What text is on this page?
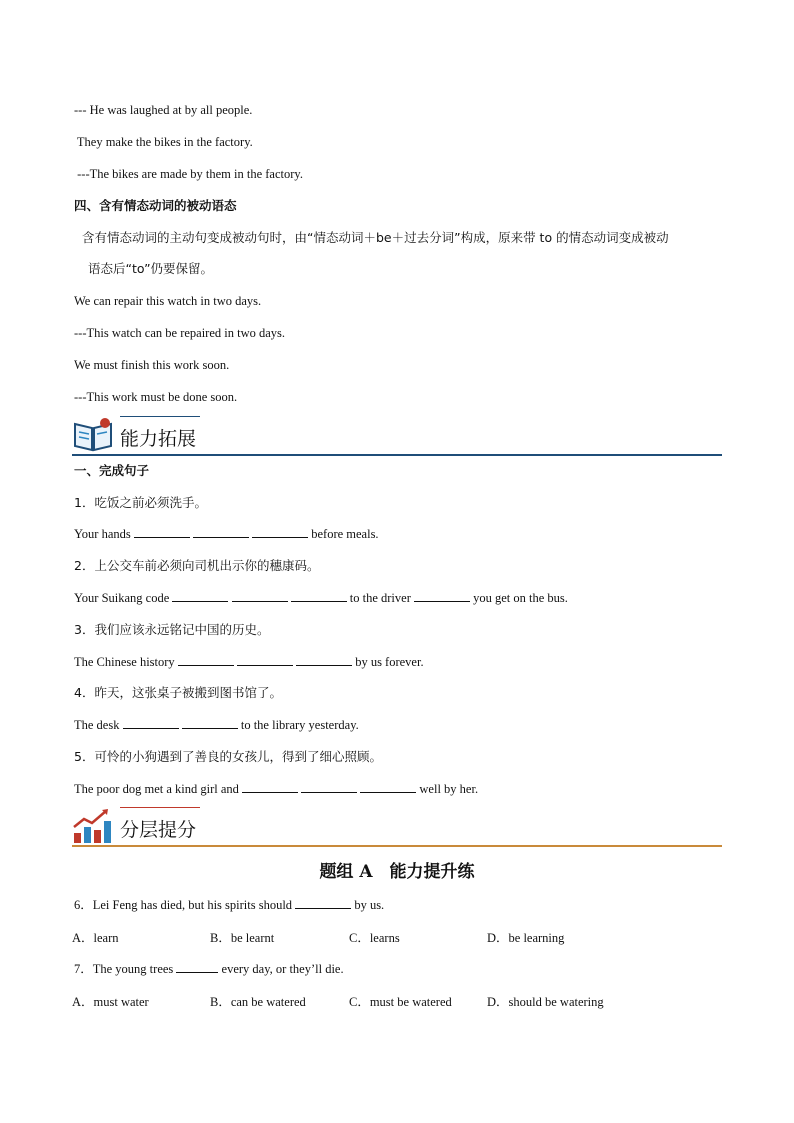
--- He was laughed at by all people.
They make the bikes in the factory.
---The bikes are made by them in the factory.
四、含有情态动词的被动语态
含有情态动词的主动句变成被动句时，由“情态动词＋be＋过去分词”构成，原来带 to 的情态动词变成被动
语态后“to”仍要保留。
We can repair this watch in two days.
---This watch can be repaired in two days.
We must finish this work soon.
---This work must be done soon.
能力拓展
一、完成句子
1．吃饭之前必须洗手。
Your hands	before meals.
2．上公交车前必须向司机出示你的穗康码。
Your Suikang code	to the driver	you get on the bus.
3．我们应该永远铭记中国的历史。
The Chinese history	by us forever.
4．昨天，这张桌子被搬到图书馆了。
The desk	to the library yesterday.
5．可怜的小狗遇到了善良的女孩儿，得到了细心照顾。
The poor dog met a kind girl and	well by her.
分层提分
题组 A　能力提升练
6．Lei Feng has died, but his spirits should	by us.
A．learn	B．be learnt	C．learns	D．be learning
7．The young trees	every day, or they’ll die.
A．must water	B．can be watered	C．must be watered	D．should be watering
